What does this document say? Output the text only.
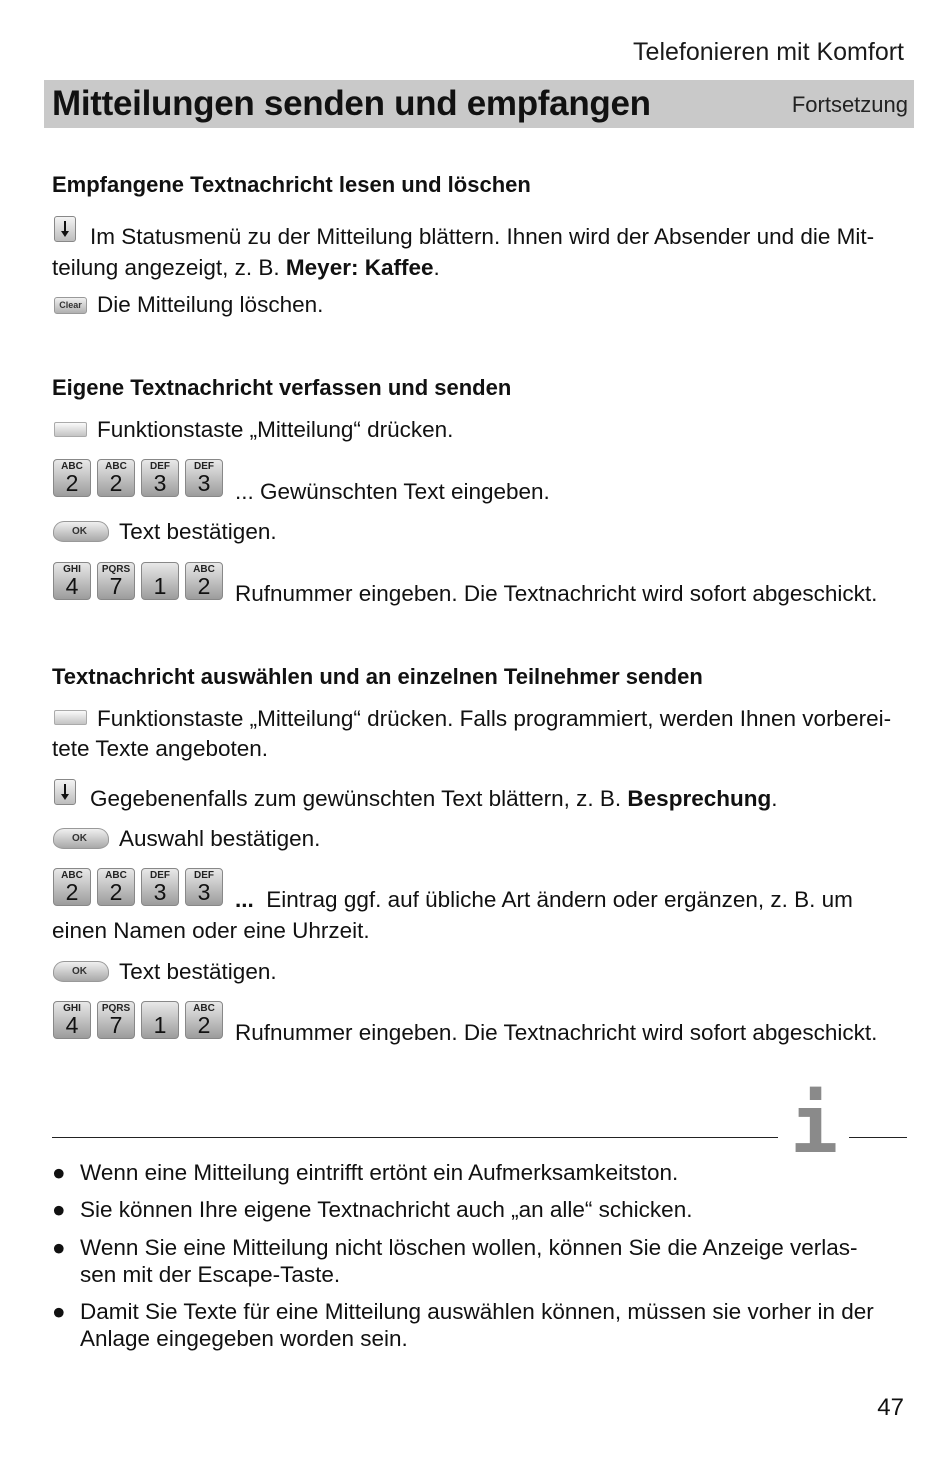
Telefonieren mit Komfort
Mitteilungen senden und empfangen	Fortsetzung
Empfangene Textnachricht lesen und löschen
Im Statusmenü zu der Mitteilung blättern. Ihnen wird der Absender und die Mit-
teilung angezeigt, z. B. Meyer: Kaffee.
Clear Die Mitteilung löschen.
Eigene Textnachricht verfassen und senden
Funktionstaste „Mitteilung“ drücken.
ABC
2
ABC
2
DEF
3
DEF
3	... Gewünschten Text eingeben.
OK	Text bestätigen.
GHI
4
PQRS
7	1
ABC
2	Rufnummer eingeben. Die Textnachricht wird sofort abgeschickt.
Textnachricht auswählen und an einzelnen Teilnehmer senden
Funktionstaste „Mitteilung“ drücken. Falls programmiert, werden Ihnen vorberei-
tete Texte angeboten.
Gegebenenfalls zum gewünschten Text blättern, z. B. Besprechung.
OK	Auswahl bestätigen.
ABC
2
ABC
2
DEF
3
DEF
3	... Eintrag ggf. auf übliche Art ändern oder ergänzen, z. B. um
einen Namen oder eine Uhrzeit.
OK	Text bestätigen.
GHI
4
PQRS
7	1
ABC
2	Rufnummer eingeben. Die Textnachricht wird sofort abgeschickt.
i
● Wenn eine Mitteilung eintrifft ertönt ein Aufmerksamkeitston.
● Sie können Ihre eigene Textnachricht auch „an alle“ schicken.
● Wenn Sie eine Mitteilung nicht löschen wollen, können Sie die Anzeige verlas-
sen mit der Escape-Taste.
● Damit Sie Texte für eine Mitteilung auswählen können, müssen sie vorher in der
Anlage eingegeben worden sein.
47
